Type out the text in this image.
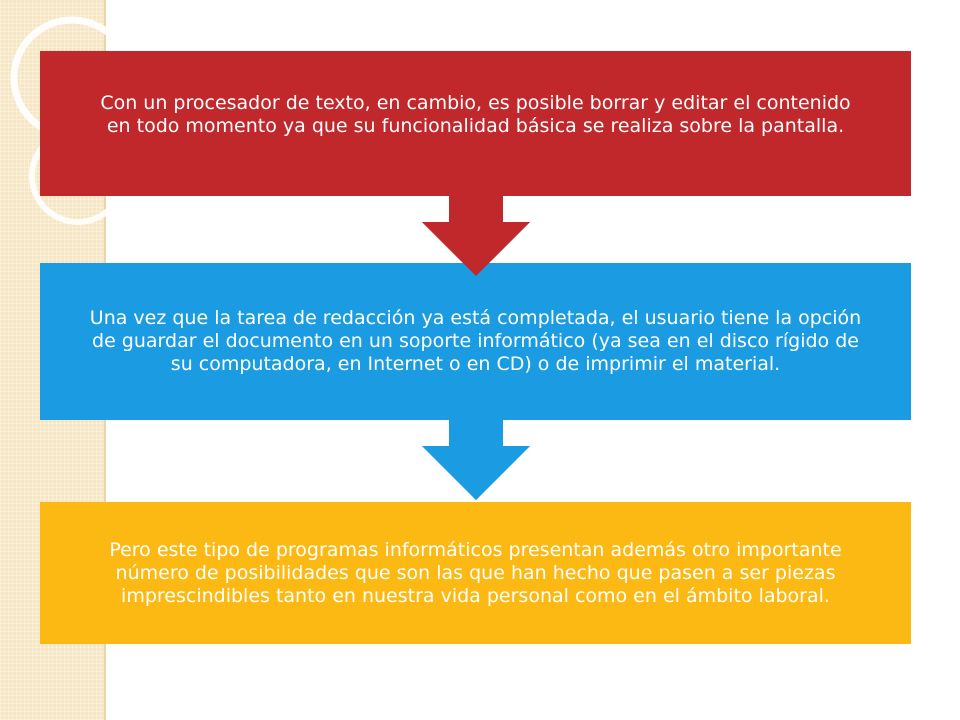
Con un procesador de texto, en cambio, es posible borrar y editar el contenido en todo momento ya que su funcionalidad básica se realiza sobre la pantalla.
Una vez que la tarea de redacción ya está completada, el usuario tiene la opción de guardar el documento en un soporte informático (ya sea en el disco rígido de su computadora, en Internet o en CD) o de imprimir el material.
Pero este tipo de programas informáticos presentan además otro importante número de posibilidades que son las que han hecho que pasen a ser piezas imprescindibles tanto en nuestra vida personal como en el ámbito laboral.
